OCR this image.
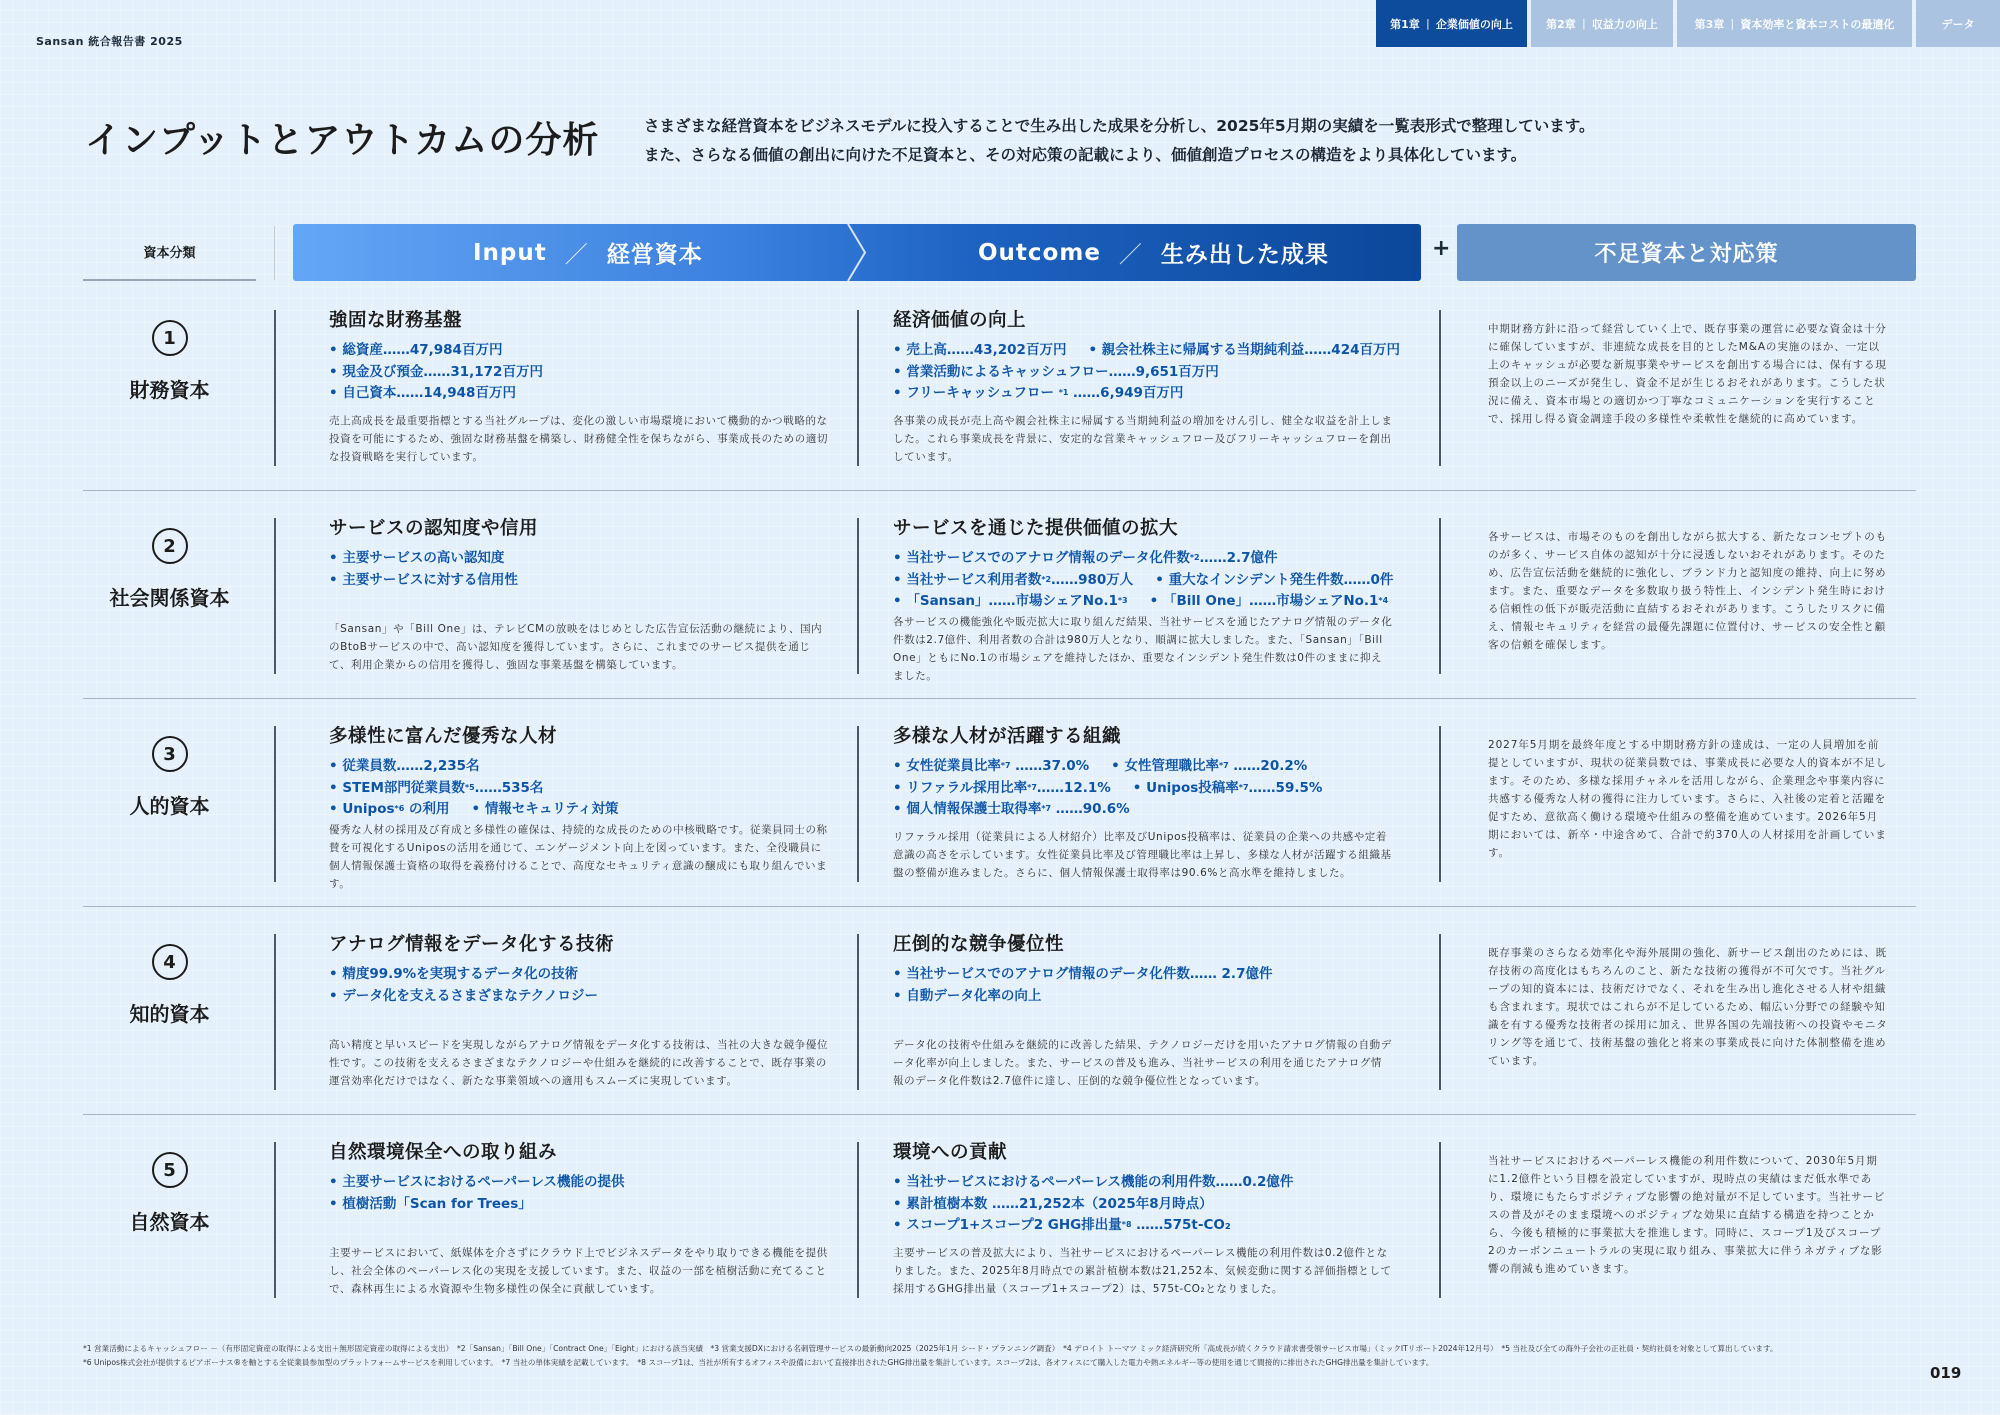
Sansan 統合報告書 2025
第1章 | 企業価値の向上	第2章 | 収益力の向上	第3章 | 資本効率と資本コストの最適化	データ
インプットとアウトカムの分析	さまざまな経営資本をビジネスモデルに投入することで生み出した成果を分析し、2025年5月期の実績を一覧表形式で整理しています。
また、さらなる価値の創出に向けた不足資本と、その対応策の記載により、価値創造プロセスの構造をより具体化しています。
資本分類	Input ／ 経営資本	Outcome ／ 生み出した成果	+	不足資本と対応策
1
財務資本
強固な財務基盤
• 総資産……47,984百万円
• 現金及び預金……31,172百万円
• 自己資本……14,948百万円
売上高成長を最重要指標とする当社グループは、変化の激しい市場環境において機動的かつ戦略的な投資を可能にするため、強固な財務基盤を構築し、財務健全性を保ちながら、事業成長のための適切な投資戦略を実行しています。
経済価値の向上
• 売上高……43,202百万円 • 親会社株主に帰属する当期純利益……424百万円
• 営業活動によるキャッシュフロー……9,651百万円
• フリーキャッシュフロー $^{*1}$ ……6,949百万円
各事業の成長が売上高や親会社株主に帰属する当期純利益の増加をけん引し、健全な収益を計上しました。これら事業成長を背景に、安定的な営業キャッシュフロー及びフリーキャッシュフローを創出しています。
中期財務方針に沿って経営していく上で、既存事業の運営に必要な資金は十分に確保していますが、非連続な成長を目的としたM&Aの実施のほか、一定以上のキャッシュが必要な新規事業やサービスを創出する場合には、保有する現預金以上のニーズが発生し、資金不足が生じるおそれがあります。こうした状況に備え、資本市場との適切かつ丁寧なコミュニケーションを実行することで、採用し得る資金調達手段の多様性や柔軟性を継続的に高めています。
2
社会関係資本
サービスの認知度や信用
• 主要サービスの高い認知度
• 主要サービスに対する信用性
「Sansan」や「Bill One」は、テレビCMの放映をはじめとした広告宣伝活動の継続により、国内のBtoBサービスの中で、高い認知度を獲得しています。さらに、これまでのサービス提供を通じて、利用企業からの信用を獲得し、強固な事業基盤を構築しています。
サービスを通じた提供価値の拡大
• 当社サービスでのアナログ情報のデータ化件数$^{*2}$……2.7億件
• 当社サービス利用者数$^{*2}$……980万人 • 重大なインシデント発生件数……0件
• 「Sansan」……市場シェアNo.1$^{*3}$ • 「Bill One」……市場シェアNo.1$^{*4}$
各サービスの機能強化や販売拡大に取り組んだ結果、当社サービスを通じたアナログ情報のデータ化件数は2.7億件、利用者数の合計は980万人となり、順調に拡大しました。また、「Sansan」「Bill One」ともにNo.1の市場シェアを維持したほか、重要なインシデント発生件数は0件のままに抑えました。
各サービスは、市場そのものを創出しながら拡大する、新たなコンセプトのものが多く、サービス自体の認知が十分に浸透しないおそれがあります。そのため、広告宣伝活動を継続的に強化し、ブランド力と認知度の維持、向上に努めます。また、重要なデータを多数取り扱う特性上、インシデント発生時における信頼性の低下が販売活動に直結するおそれがあります。こうしたリスクに備え、情報セキュリティを経営の最優先課題に位置付け、サービスの安全性と顧客の信頼を確保します。
3
人的資本
多様性に富んだ優秀な人材
• 従業員数……2,235名
• STEM部門従業員数$^{*5}$……535名
• Unipos$^{*6}$ の利用 • 情報セキュリティ対策
優秀な人材の採用及び育成と多様性の確保は、持続的な成長のための中核戦略です。従業員同士の称賛を可視化するUniposの活用を通じて、エンゲージメント向上を図っています。また、全役職員に個人情報保護士資格の取得を義務付けることで、高度なセキュリティ意識の醸成にも取り組んでいます。
多様な人材が活躍する組織
• 女性従業員比率$^{*7}$ ……37.0% • 女性管理職比率$^{*7}$ ……20.2%
• リファラル採用比率$^{*7}$……12.1% • Unipos投稿率$^{*7}$……59.5%
• 個人情報保護士取得率$^{*7}$ ……90.6%
リファラル採用（従業員による人材紹介）比率及びUnipos投稿率は、従業員の企業への共感や定着意識の高さを示しています。女性従業員比率及び管理職比率は上昇し、多様な人材が活躍する組織基盤の整備が進みました。さらに、個人情報保護士取得率は90.6%と高水準を維持しました。
2027年5月期を最終年度とする中期財務方針の達成は、一定の人員増加を前提としていますが、現状の従業員数では、事業成長に必要な人的資本が不足します。そのため、多様な採用チャネルを活用しながら、企業理念や事業内容に共感する優秀な人材の獲得に注力しています。さらに、入社後の定着と活躍を促すため、意欲高く働ける環境や仕組みの整備を進めています。2026年5月期においては、新卒・中途含めて、合計で約370人の人材採用を計画しています。
4
知的資本
アナログ情報をデータ化する技術
• 精度99.9%を実現するデータ化の技術
• データ化を支えるさまざまなテクノロジー
高い精度と早いスピードを実現しながらアナログ情報をデータ化する技術は、当社の大きな競争優位性です。この技術を支えるさまざまなテクノロジーや仕組みを継続的に改善することで、既存事業の運営効率化だけではなく、新たな事業領域への適用もスムーズに実現しています。
圧倒的な競争優位性
• 当社サービスでのアナログ情報のデータ化件数…… 2.7億件
• 自動データ化率の向上
データ化の技術や仕組みを継続的に改善した結果、テクノロジーだけを用いたアナログ情報の自動データ化率が向上しました。また、サービスの普及も進み、当社サービスの利用を通じたアナログ情報のデータ化件数は2.7億件に達し、圧倒的な競争優位性となっています。
既存事業のさらなる効率化や海外展開の強化、新サービス創出のためには、既存技術の高度化はもちろんのこと、新たな技術の獲得が不可欠です。当社グループの知的資本には、技術だけでなく、それを生み出し進化させる人材や組織も含まれます。現状ではこれらが不足しているため、幅広い分野での経験や知識を有する優秀な技術者の採用に加え、世界各国の先端技術への投資やモニタリング等を通じて、技術基盤の強化と将来の事業成長に向けた体制整備を進めています。
5
自然資本
自然環境保全への取り組み
• 主要サービスにおけるペーパーレス機能の提供
• 植樹活動「Scan for Trees」
主要サービスにおいて、紙媒体を介さずにクラウド上でビジネスデータをやり取りできる機能を提供し、社会全体のペーパーレス化の実現を支援しています。また、収益の一部を植樹活動に充てることで、森林再生による水資源や生物多様性の保全に貢献しています。
環境への貢献
• 当社サービスにおけるペーパーレス機能の利用件数……0.2億件
• 累計植樹本数 ……21,252本（2025年8月時点）
• スコープ1+スコープ2 GHG排出量$^{*8}$ ……575t-CO₂
主要サービスの普及拡大により、当社サービスにおけるペーパーレス機能の利用件数は0.2億件となりました。また、2025年8月時点での累計植樹本数は21,252本、気候変動に関する評価指標として採用するGHG排出量（スコープ1+スコープ2）は、575t-CO₂となりました。
当社サービスにおけるペーパーレス機能の利用件数について、2030年5月期に1.2億件という目標を設定していますが、現時点の実績はまだ低水準であり、環境にもたらすポジティブな影響の絶対量が不足しています。当社サービスの普及がそのまま環境へのポジティブな効果に直結する構造を持つことから、今後も積極的に事業拡大を推進します。同時に、スコープ1及びスコープ2のカーボンニュートラルの実現に取り組み、事業拡大に伴うネガティブな影響の削減も進めていきます。
*1 営業活動によるキャッシュフロー －（有形固定資産の取得による支出＋無形固定資産の取得による支出）　*2「Sansan」「Bill One」「Contract One」「Eight」における該当実績　*3 営業支援DXにおける名刺管理サービスの最新動向2025（2025年1月 シード・プランニング調査）　*4 デロイト トーマツ ミック経済研究所「高成長が続くクラウド請求書受領サービス市場」（ミックITリポート2024年12月号）　*5 当社及び全ての海外子会社の正社員・契約社員を対象として算出しています。
*6 Unipos株式会社が提供するピアボーナス®を軸とする全従業員参加型のプラットフォームサービスを利用しています。　*7 当社の単体実績を記載しています。　*8 スコープ1は、当社が所有するオフィスや設備において直接排出されたGHG排出量を集計しています。スコープ2は、各オフィスにて購入した電力や熱エネルギー等の使用を通じて間接的に排出されたGHG排出量を集計しています。
019
